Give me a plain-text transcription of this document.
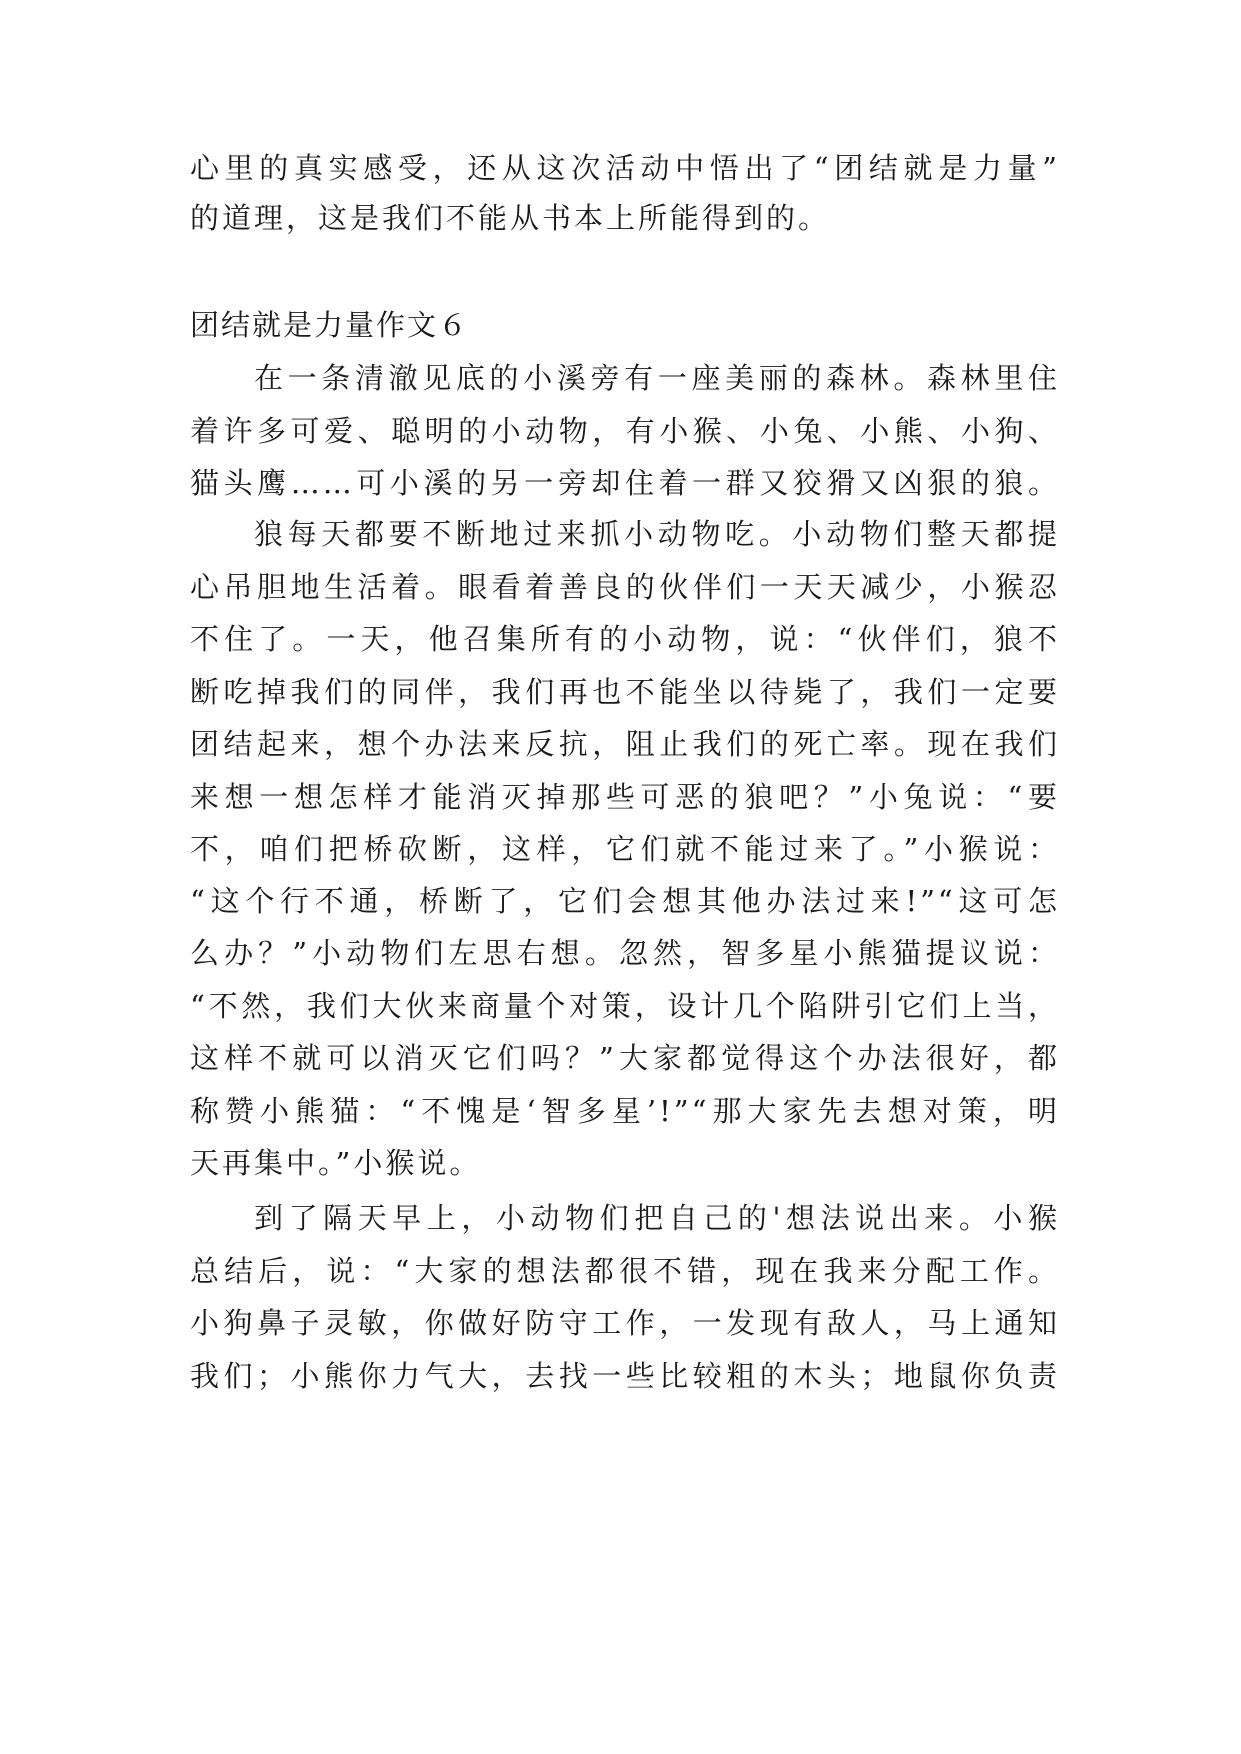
心里的真实感受，还从这次活动中悟出了“团结就是力量”
的道理，这是我们不能从书本上所能得到的。
团结就是力量作文６
在一条清澈见底的小溪旁有一座美丽的森林。森林里住
着许多可爱、聪明的小动物，有小猴、小兔、小熊、小狗、
猫头鹰……可小溪的另一旁却住着一群又狡猾又凶狠的狼。
狼每天都要不断地过来抓小动物吃。小动物们整天都提
心吊胆地生活着。眼看着善良的伙伴们一天天减少，小猴忍
不住了。一天，他召集所有的小动物，说：“伙伴们，狼不
断吃掉我们的同伴，我们再也不能坐以待毙了，我们一定要
团结起来，想个办法来反抗，阻止我们的死亡率。现在我们
来想一想怎样才能消灭掉那些可恶的狼吧？”小兔说：“要
不，咱们把桥砍断，这样，它们就不能过来了。”小猴说：
“这个行不通，桥断了，它们会想其他办法过来!”“这可怎
么办？”小动物们左思右想。忽然，智多星小熊猫提议说：
“不然，我们大伙来商量个对策，设计几个陷阱引它们上当，
这样不就可以消灭它们吗？”大家都觉得这个办法很好，都
称赞小熊猫：“不愧是‘智多星’!”“那大家先去想对策，明
天再集中。”小猴说。
到了隔天早上，小动物们把自己的'想法说出来。小猴
总结后，说：“大家的想法都很不错，现在我来分配工作。
小狗鼻子灵敏，你做好防守工作，一发现有敌人，马上通知
我们；小熊你力气大，去找一些比较粗的木头；地鼠你负责
